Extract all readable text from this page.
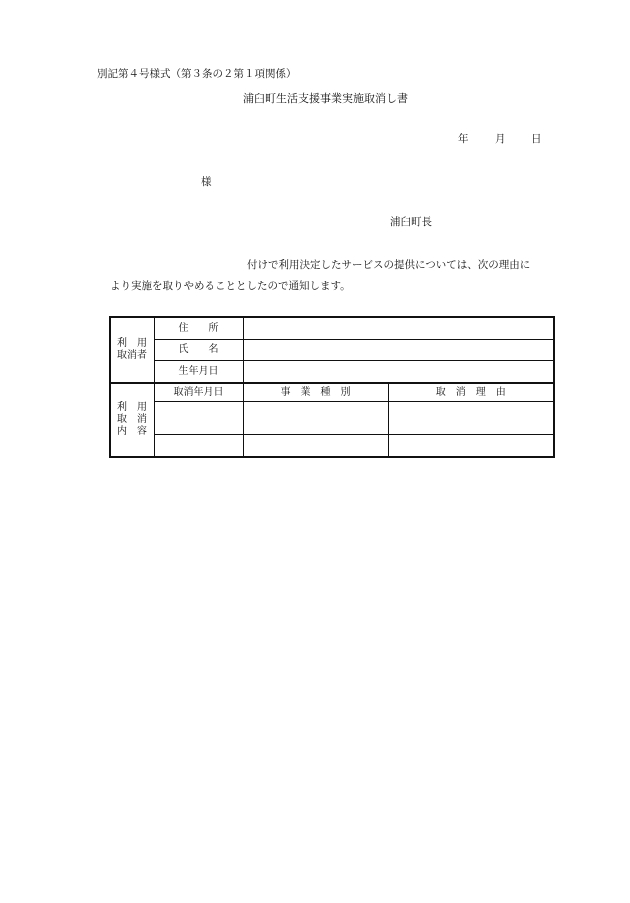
別記第４号様式（第３条の２第１項関係）
浦臼町生活支援事業実施取消し書
年	月 日
様
浦臼町長
付けで利用決定したサービスの提供については、次の理由に
より実施を取りやめることとしたので通知します。
利　用
取消者	住　　所		
	氏　　名		
	生年月日		

利　用
取　消
内　容	取消年月日	事　業　種　別	取　消　理　由
